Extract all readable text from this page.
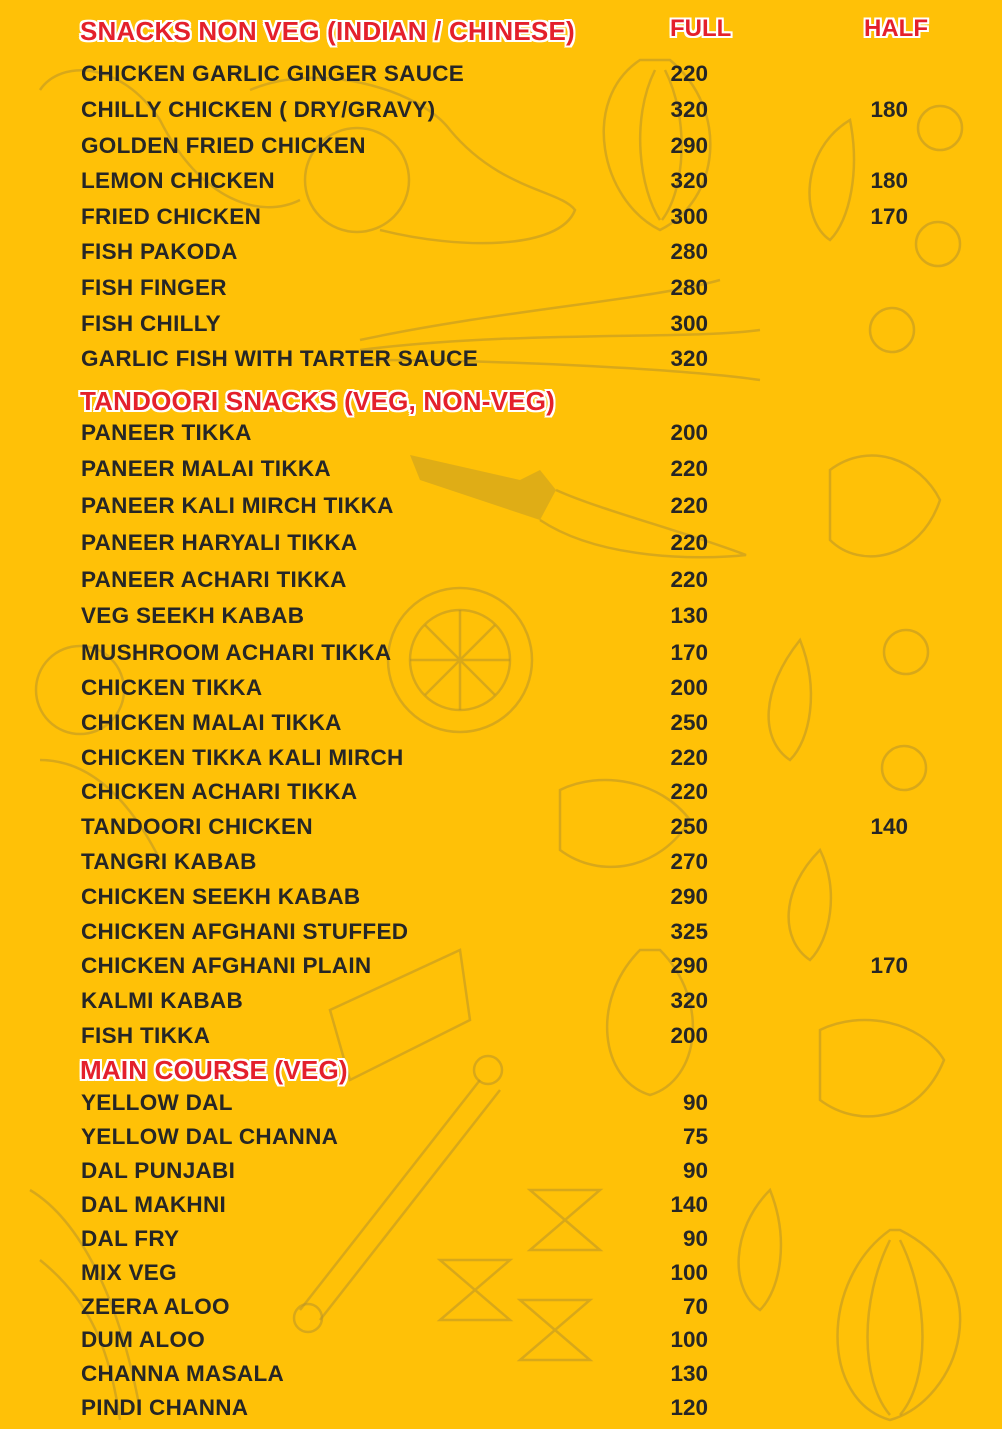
FULL	HALF
SNACKS NON VEG (INDIAN / CHINESE)
CHICKEN GARLIC GINGER SAUCE	220
CHILLY CHICKEN ( DRY/GRAVY)	320	180
GOLDEN FRIED CHICKEN	290
LEMON CHICKEN	320	180
FRIED CHICKEN	300	170
FISH PAKODA	280
FISH FINGER	280
FISH CHILLY	300
GARLIC FISH WITH TARTER SAUCE	320
TANDOORI SNACKS (VEG, NON-VEG)
PANEER TIKKA	200
PANEER MALAI TIKKA	220
PANEER KALI MIRCH TIKKA	220
PANEER HARYALI TIKKA	220
PANEER ACHARI TIKKA	220
VEG SEEKH KABAB	130
MUSHROOM ACHARI TIKKA	170
CHICKEN TIKKA	200
CHICKEN MALAI TIKKA	250
CHICKEN TIKKA KALI MIRCH	220
CHICKEN ACHARI TIKKA	220
TANDOORI CHICKEN	250	140
TANGRI KABAB	270
CHICKEN SEEKH KABAB	290
CHICKEN AFGHANI STUFFED	325
CHICKEN AFGHANI PLAIN	290	170
KALMI KABAB	320
FISH TIKKA	200
MAIN COURSE (VEG)
YELLOW DAL	90
YELLOW DAL CHANNA	75
DAL PUNJABI	90
DAL MAKHNI	140
DAL FRY	90
MIX VEG	100
ZEERA ALOO	70
DUM ALOO	100
CHANNA MASALA	130
PINDI CHANNA	120
